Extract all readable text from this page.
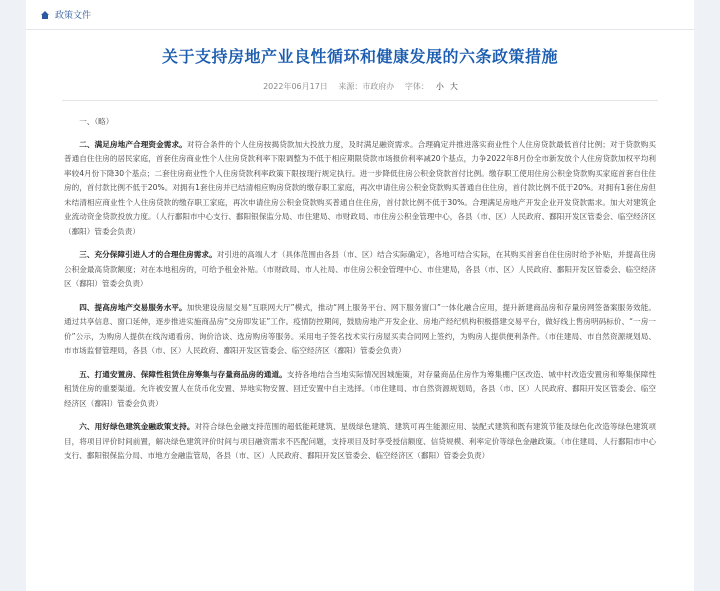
政策文件
关于支持房地产业良性循环和健康发展的六条政策措施
2022年06月17日 来源：市政府办 字体： 小 大

一、（略）

二、满足房地产合理资金需求。对符合条件的个人住房按揭贷款加大投放力度，及时满足融资需求。合理确定并推进落实商业性个人住房贷款最低首付比例；对于贷款购买普通自住住房的居民家庭，首套住房商业性个人住房贷款利率下限调整为不低于相应期限贷款市场报价利率减20个基点，力争2022年8月份全市新发放个人住房贷款加权平均利率较4月份下降30个基点；二套住房商业性个人住房贷款利率政策下限按现行规定执行。进一步降低住房公积金贷款首付比例。缴存职工使用住房公积金贷款购买家庭首套自住住房的，首付款比例不低于20%。对拥有1套住房并已结清相应购房贷款的缴存职工家庭，再次申请住房公积金贷款购买普通自住住房，首付款比例不低于20%。对拥有1套住房但未结清相应商业性个人住房贷款的缴存职工家庭，再次申请住房公积金贷款购买普通自住住房，首付款比例不低于30%。合理满足房地产开发企业开发贷款需求。加大对建筑企业流动资金贷款投放力度。（人行鄱阳市中心支行、鄱阳银保监分局、市住建局、市财政局、市住房公积金管理中心，各县（市、区）人民政府、鄱阳开发区管委会、临空经济区（鄱阳）管委会负责）

三、充分保障引进人才的合理住房需求。对引进的高端人才（具体范围由各县（市、区）结合实际确定），各地可结合实际，在其购买首套自住住房时给予补贴，并提高住房公积金最高贷款额度；对在本地租房的，可给予租金补贴。（市财政局、市人社局、市住房公积金管理中心、市住建局，各县（市、区）人民政府、鄱阳开发区管委会、临空经济区（鄱阳）管委会负责）

四、提高房地产交易服务水平。加快建设房屋交易“互联网大厅”模式，推动“网上服务平台、网下服务窗口”一体化融合应用，提升新建商品房和存量房网签备案服务效能。通过共享信息、窗口延伸，逐步推进实施商品房“交房即发证”工作。疫情防控期间，鼓励房地产开发企业、房地产经纪机构积极搭建交易平台，做好线上售房明码标价、“一房一价”公示，为购房人提供在线沟通看房、询价洽谈、选房购房等服务。采用电子签名技术实行房屋买卖合同网上签约，为购房人提供便利条件。（市住建局、市自然资源规划局、市市场监督管理局，各县（市、区）人民政府、鄱阳开发区管委会、临空经济区（鄱阳）管委会负责）

五、打通安置房、保障性租赁住房筹集与存量商品房的通道。支持各地结合当地实际情况因城施策，对存量商品住房作为筹集棚户区改造、城中村改造安置房和筹集保障性租赁住房的重要渠道。允许被安置人在货币化安置、异地实物安置、回迁安置中自主选择。（市住建局、市自然资源规划局，各县（市、区）人民政府、鄱阳开发区管委会、临空经济区（鄱阳）管委会负责）

六、用好绿色建筑金融政策支持。对符合绿色金融支持范围的超低能耗建筑、星级绿色建筑、建筑可再生能源应用、装配式建筑和既有建筑节能及绿色化改造等绿色建筑项目，将项目评价时间前置，解决绿色建筑评价时间与项目融资需求不匹配问题，支持项目及时享受授信额度、信贷规模、利率定价等绿色金融政策。（市住建局、人行鄱阳市中心支行、鄱阳银保监分局、市地方金融监管局，各县（市、区）人民政府、鄱阳开发区管委会、临空经济区（鄱阳）管委会负责）
